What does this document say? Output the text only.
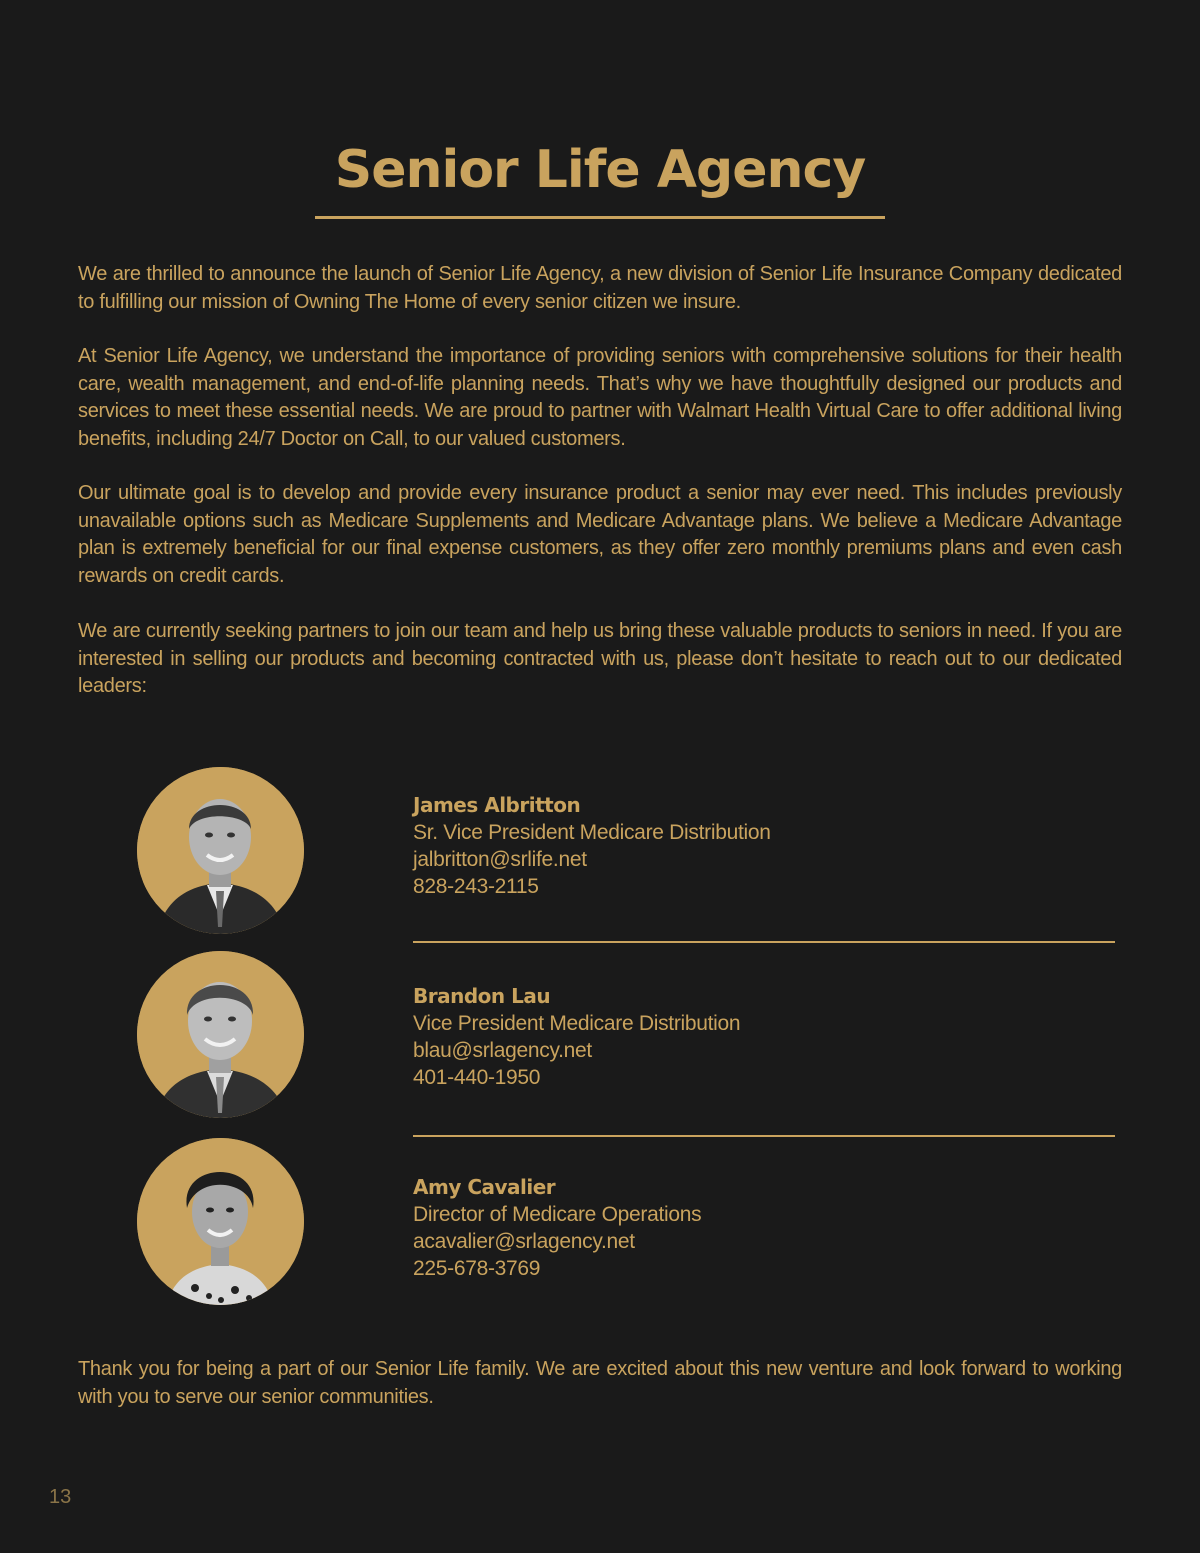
Senior Life Agency

We are thrilled to announce the launch of Senior Life Agency, a new division of Senior Life Insurance Company dedicated to fulfilling our mission of Owning The Home of every senior citizen we insure.

At Senior Life Agency, we understand the importance of providing seniors with comprehensive solutions for their health care, wealth management, and end-of-life planning needs. That’s why we have thoughtfully designed our products and services to meet these essential needs. We are proud to partner with Walmart Health Virtual Care to offer additional living benefits, including 24/7 Doctor on Call, to our valued customers.

Our ultimate goal is to develop and provide every insurance product a senior may ever need. This includes previously unavailable options such as Medicare Supplements and Medicare Advantage plans. We believe a Medicare Advantage plan is extremely beneficial for our final expense customers, as they offer zero monthly premiums plans and even cash rewards on credit cards.

We are currently seeking partners to join our team and help us bring these valuable products to seniors in need. If you are interested in selling our products and becoming contracted with us, please don’t hesitate to reach out to our dedicated leaders:

James Albritton
Sr. Vice President Medicare Distribution
jalbritton@srlife.net
828-243-2115
Brandon Lau
Vice President Medicare Distribution
blau@srlagency.net
401-440-1950
Amy Cavalier
Director of Medicare Operations
acavalier@srlagency.net
225-678-3769

Thank you for being a part of our Senior Life family. We are excited about this new venture and look forward to working with you to serve our senior communities.

13
